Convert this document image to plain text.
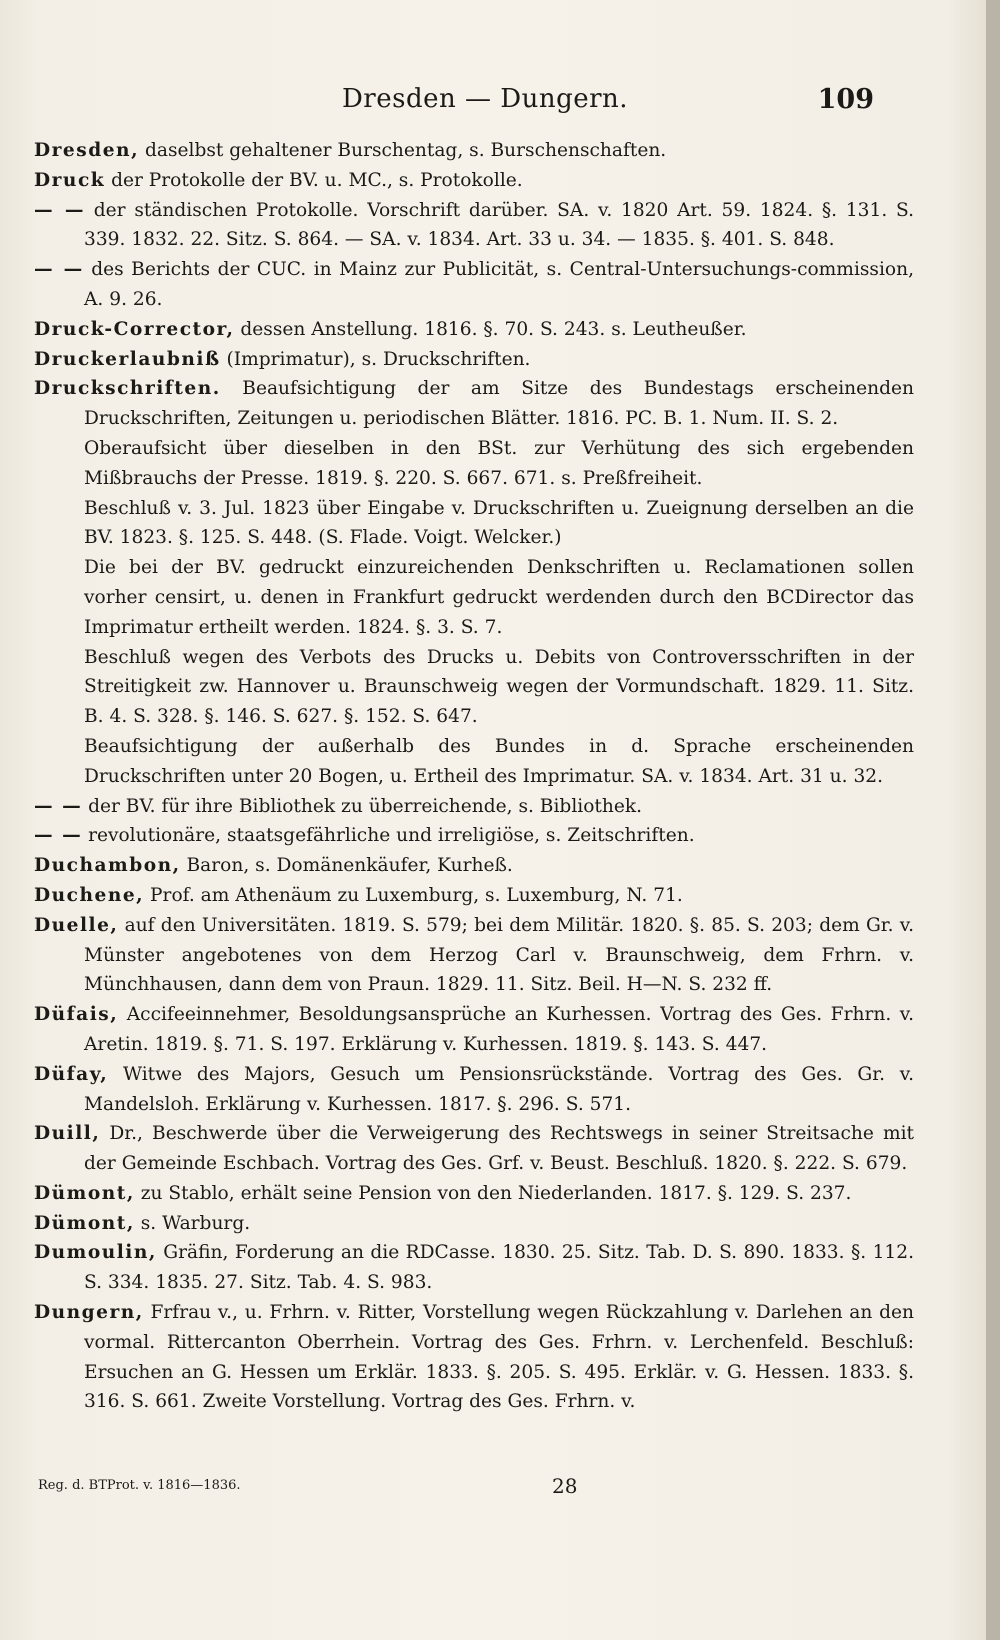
Dresden — Dungern.	109
Dresden, daselbst gehaltener Burschentag, s. Burschenschaften.
Druck der Protokolle der BV. u. MC., s. Protokolle.
— — der ständischen Protokolle. Vorschrift darüber. SA. v. 1820 Art. 59. 1824. §. 131. S. 339. 1832. 22. Sitz. S. 864. — SA. v. 1834. Art. 33 u. 34. — 1835. §. 401. S. 848.
— — des Berichts der CUC. in Mainz zur Publicität, s. Central-Untersuchungs-commission, A. 9. 26.
Druck-Corrector, dessen Anstellung. 1816. §. 70. S. 243. s. Leutheußer.
Druckerlaubniß (Imprimatur), s. Druckschriften.
Druckschriften. Beaufsichtigung der am Sitze des Bundestags erscheinenden Druckschriften, Zeitungen u. periodischen Blätter. 1816. PC. B. 1. Num. II. S. 2.
Oberaufsicht über dieselben in den BSt. zur Verhütung des sich ergebenden Mißbrauchs der Presse. 1819. §. 220. S. 667. 671. s. Preßfreiheit.
Beschluß v. 3. Jul. 1823 über Eingabe v. Druckschriften u. Zueignung derselben an die BV. 1823. §. 125. S. 448. (S. Flade. Voigt. Welcker.)
Die bei der BV. gedruckt einzureichenden Denkschriften u. Reclamationen sollen vorher censirt, u. denen in Frankfurt gedruckt werdenden durch den BCDirector das Imprimatur ertheilt werden. 1824. §. 3. S. 7.
Beschluß wegen des Verbots des Drucks u. Debits von Controversschriften in der Streitigkeit zw. Hannover u. Braunschweig wegen der Vormundschaft. 1829. 11. Sitz. B. 4. S. 328. §. 146. S. 627. §. 152. S. 647.
Beaufsichtigung der außerhalb des Bundes in d. Sprache erscheinenden Druckschriften unter 20 Bogen, u. Ertheil des Imprimatur. SA. v. 1834. Art. 31 u. 32.
— — der BV. für ihre Bibliothek zu überreichende, s. Bibliothek.
— — revolutionäre, staatsgefährliche und irreligiöse, s. Zeitschriften.
Duchambon, Baron, s. Domänenkäufer, Kurheß.
Duchene, Prof. am Athenäum zu Luxemburg, s. Luxemburg, N. 71.
Duelle, auf den Universitäten. 1819. S. 579; bei dem Militär. 1820. §. 85. S. 203; dem Gr. v. Münster angebotenes von dem Herzog Carl v. Braunschweig, dem Frhrn. v. Münchhausen, dann dem von Praun. 1829. 11. Sitz. Beil. H—N. S. 232 ff.
Düfais, Accifeeinnehmer, Besoldungsansprüche an Kurhessen. Vortrag des Ges. Frhrn. v. Aretin. 1819. §. 71. S. 197. Erklärung v. Kurhessen. 1819. §. 143. S. 447.
Düfay, Witwe des Majors, Gesuch um Pensionsrückstände. Vortrag des Ges. Gr. v. Mandelsloh. Erklärung v. Kurhessen. 1817. §. 296. S. 571.
Duill, Dr., Beschwerde über die Verweigerung des Rechtswegs in seiner Streitsache mit der Gemeinde Eschbach. Vortrag des Ges. Grf. v. Beust. Beschluß. 1820. §. 222. S. 679.
Dümont, zu Stablo, erhält seine Pension von den Niederlanden. 1817. §. 129. S. 237.
Dümont, s. Warburg.
Dumoulin, Gräfin, Forderung an die RDCasse. 1830. 25. Sitz. Tab. D. S. 890. 1833. §. 112. S. 334. 1835. 27. Sitz. Tab. 4. S. 983.
Dungern, Frfrau v., u. Frhrn. v. Ritter, Vorstellung wegen Rückzahlung v. Darlehen an den vormal. Rittercanton Oberrhein. Vortrag des Ges. Frhrn. v. Lerchenfeld. Beschluß: Ersuchen an G. Hessen um Erklär. 1833. §. 205. S. 495. Erklär. v. G. Hessen. 1833. §. 316. S. 661. Zweite Vorstellung. Vortrag des Ges. Frhrn. v.
Reg. d. BTProt. v. 1816—1836.	28
